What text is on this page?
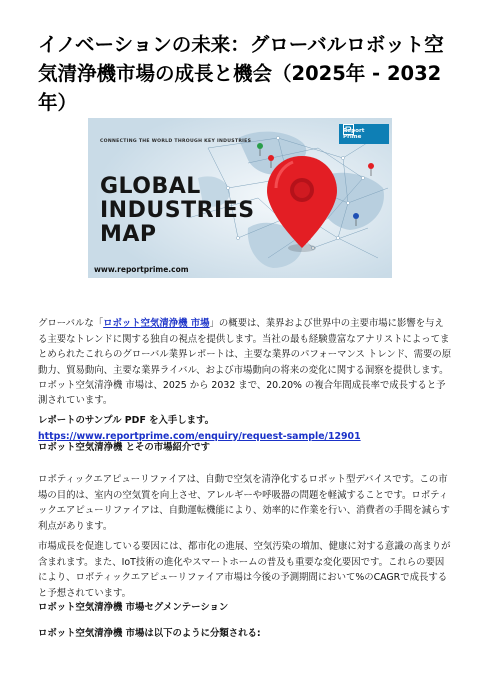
イノベーションの未来：グローバルロボット空気清浄機市場の成長と機会（2025年 - 2032年）
CONNECTING THE WORLD THROUGH KEY INDUSTRIES
GLOBAL
INDUSTRIES
MAP
www.reportprime.com
Report
Prime

グローバルな「ロボット空気清浄機 市場」の概要は、業界および世界中の主要市場に影響を与える主要なトレンドに関する独自の視点を提供します。当社の最も経験豊富なアナリストによってまとめられたこれらのグローバル業界レポートは、主要な業界のパフォーマンス トレンド、需要の原動力、貿易動向、主要な業界ライバル、および市場動向の将来の変化に関する洞察を提供します。ロボット空気清浄機 市場は、2025 から 2032 まで、20.20% の複合年間成長率で成長すると予測されています。

レポートのサンプル PDF を入手します。 https://www.reportprime.com/enquiry/request-sample/12901

ロボット空気清浄機 とその市場紹介です

ロボティックエアピューリファイアは、自動で空気を清浄化するロボット型デバイスです。この市場の目的は、室内の空気質を向上させ、アレルギーや呼吸器の問題を軽減することです。ロボティックエアピューリファイアは、自動運転機能により、効率的に作業を行い、消費者の手間を減らす利点があります。

市場成長を促進している要因には、都市化の進展、空気汚染の増加、健康に対する意識の高まりが含まれます。また、IoT技術の進化やスマートホームの普及も重要な変化要因です。これらの要因により、ロボティックエアピューリファイア市場は今後の予測期間において%のCAGRで成長すると予想されています。

ロボット空気清浄機 市場セグメンテーション
ロボット空気清浄機 市場は以下のように分類される:
